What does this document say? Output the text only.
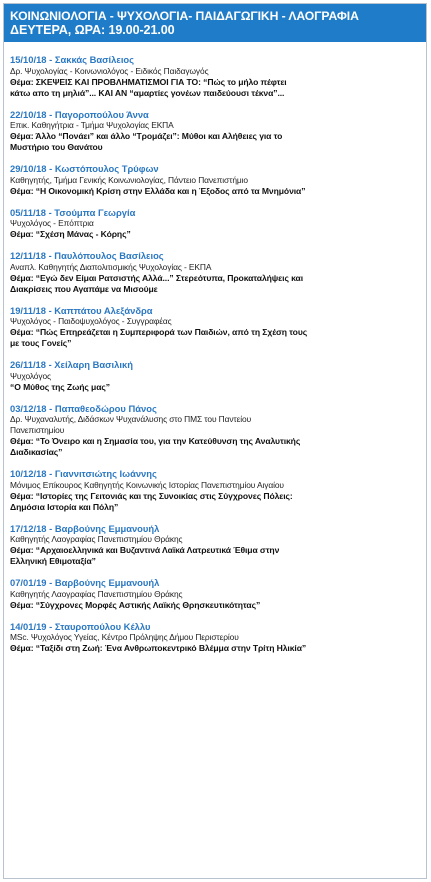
ΚΟΙΝΩΝΙΟΛΟΓΙΑ - ΨΥΧΟΛΟΓΙΑ- ΠΑΙΔΑΓΩΓΙΚΗ - ΛΑΟΓΡΑΦΙΑ
ΔΕΥΤΕΡΑ, ΩΡΑ: 19.00-21.00
15/10/18 - Σακκάς Βασίλειος
Δρ. Ψυχολογίας - Κοινωνιολόγος - Ειδικός Παιδαγωγός
Θέμα: ΣΚΕΨΕΙΣ ΚΑΙ ΠΡΟΒΛΗΜΑΤΙΣΜΟΙ ΓΙΑ ΤΟ: “Πώς το μήλο πέφτει
κάτω απο τη μηλιά”... ΚΑΙ ΑΝ “αμαρτίες γονέων παιδεύουσι τέκνα”...
22/10/18 - Παγοροπούλου Άννα
Επικ. Καθηγήτρια - Τμήμα Ψυχολογίας ΕΚΠΑ
Θέμα: Άλλο “Πονάει” και άλλο “Τρομάζει”: Μύθοι και Αλήθειες για το
Μυστήριο του Θανάτου
29/10/18 - Κωστόπουλος Τρύφων
Καθηγητής, Τμήμα Γενικής Κοινωνιολογίας, Πάντειο Πανεπιστήμιο
Θέμα: “Η Οικονομική Κρίση στην Ελλάδα και η Έξοδος από τα Μνημόνια”
05/11/18 - Τσούμπα Γεωργία
Ψυχολόγος - Επόπτρια
Θέμα: “Σχέση Μάνας - Κόρης”
12/11/18 - Παυλόπουλος Βασίλειος
Αναπλ. Καθηγητής Διαπολιτισμικής Ψυχολογίας - ΕΚΠΑ
Θέμα: “Εγώ δεν Είμαι Ρατσιστής Αλλά...” Στερεότυπα, Προκαταλήψεις και
Διακρίσεις που Αγαπάμε να Μισούμε
19/11/18 - Καππάτου Αλεξάνδρα
Ψυχολόγος - Παιδοψυχολόγος - Συγγραφέας
Θέμα: “Πώς Επηρεάζεται η Συμπεριφορά των Παιδιών, από τη Σχέση τους
με τους Γονείς”
26/11/18 - Χείλαρη Βασιλική
Ψυχολόγος
“Ο Μύθος της Ζωής μας”
03/12/18 - Παπαθεοδώρου Πάνος
Δρ. Ψυχαναλυτής, Διδάσκων Ψυχανάλυσης στο ΠΜΣ του Παντείου
Πανεπιστημίου
Θέμα: “Το Όνειρο και η Σημασία του, για την Κατεύθυνση της Αναλυτικής
Διαδικασίας”
10/12/18 - Γιαννιτσιώτης Ιωάννης
Μόνιμος Επίκουρος Καθηγητής Κοινωνικής Ιστορίας Πανεπιστημίου Αιγαίου
Θέμα: “Ιστορίες της Γειτονιάς και της Συνοικίας στις Σύγχρονες Πόλεις:
Δημόσια Ιστορία και Πόλη”
17/12/18 - Βαρβούνης Εμμανουήλ
Καθηγητής Λαογραφίας Πανεπιστημίου Θράκης
Θέμα: “Αρχαιοελληνικά και Βυζαντινά Λαϊκά Λατρευτικά Έθιμα στην
Ελληνική Εθιμοταξία”
07/01/19 - Βαρβούνης Εμμανουήλ
Καθηγητής Λαογραφίας Πανεπιστημίου Θράκης
Θέμα: “Σύγχρονες Μορφές Αστικής Λαϊκής Θρησκευτικότητας”
14/01/19 - Σταυροπούλου Κέλλυ
MSc. Ψυχολόγος Υγείας, Κέντρο Πρόληψης Δήμου Περιστερίου
Θέμα: “Ταξίδι στη Ζωή: Ένα Ανθρωποκεντρικό Βλέμμα στην Τρίτη Ηλικία”
